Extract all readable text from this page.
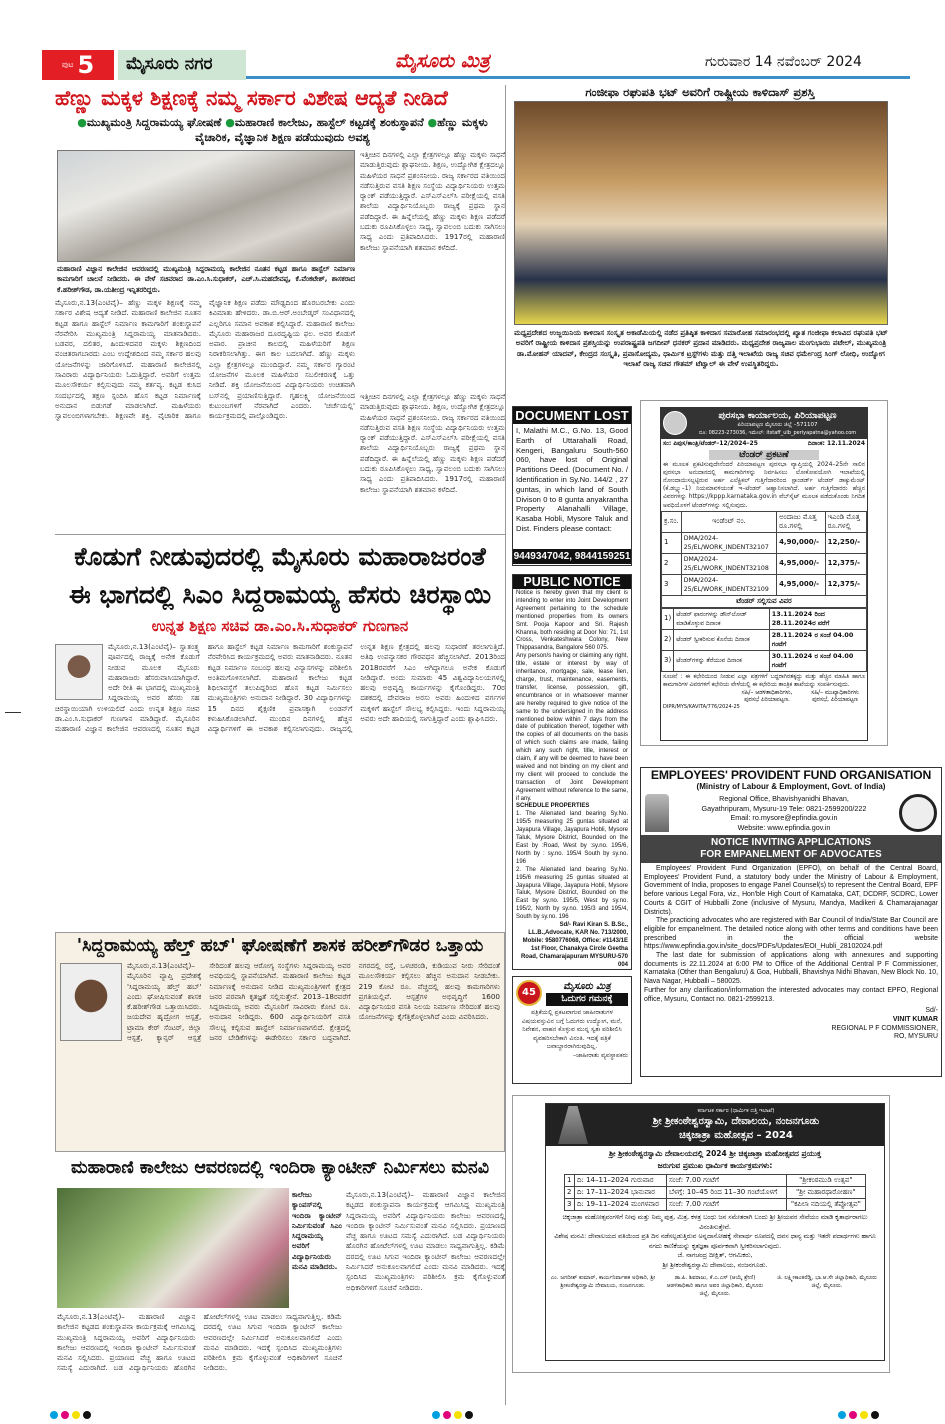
ಪುಟ 5	ಮೈಸೂರು ನಗರ	ಮೈಸೂರು ಮಿತ್ರ	ಗುರುವಾರ 14 ನವೆಂಬರ್ 2024
ಹೆಣ್ಣು ಮಕ್ಕಳ ಶಿಕ್ಷಣಕ್ಕೆ ನಮ್ಮ ಸರ್ಕಾರ ವಿಶೇಷ ಆದ್ಯತೆ ನೀಡಿದೆ
●ಮುಖ್ಯಮಂತ್ರಿ ಸಿದ್ದರಾಮಯ್ಯ ಘೋಷಣೆ ●ಮಹಾರಾಣಿ ಕಾಲೇಜು, ಹಾಸ್ಟೆಲ್ ಕಟ್ಟಡಕ್ಕೆ ಶಂಕುಸ್ಥಾಪನೆ ●ಹೆಣ್ಣು ಮಕ್ಕಳು ವೈಚಾರಿಕ, ವೈಜ್ಞಾನಿಕ ಶಿಕ್ಷಣ ಪಡೆಯುವುದು ಅವಶ್ಯ
ಇತ್ತೀಚಿನ ದಿನಗಳಲ್ಲಿ ಎಲ್ಲಾ ಕ್ಷೇತ್ರಗಳಲ್ಲೂ ಹೆಣ್ಣು ಮಕ್ಕಳು ಸಾಧನೆ ಮಾಡುತ್ತಿರುವುದು ಶ್ಲಾಘನೀಯ. ಶಿಕ್ಷಣ, ಉದ್ಯೋಗಿಕ ಕ್ಷೇತ್ರದಲ್ಲೂ ಮಹಿಳೆಯರ ಸಾಧನೆ ಪ್ರಶಂಸನೀಯ. ರಾಜ್ಯ ಸರ್ಕಾರದ ವತಿಯಿಂದ ನಡೆಸುತ್ತಿರುವ ವಸತಿ ಶಿಕ್ಷಣ ಸಂಸ್ಥೆಯ ವಿದ್ಯಾರ್ಥಿನಿಯರು ಉತ್ತಮ ರ್‍ಯಾಂಕ್ ಪಡೆಯುತ್ತಿದ್ದಾರೆ. ಎಸ್‌ಎಸ್‌ಎಲ್‌ಸಿ ಪರೀಕ್ಷೆಯಲ್ಲಿ ವಸತಿ ಶಾಲೆಯ ವಿದ್ಯಾರ್ಥಿನಿಯೊಬ್ಬರು ರಾಜ್ಯಕ್ಕೆ ಪ್ರಥಮ ಸ್ಥಾನ ಪಡೆದಿದ್ದಾರೆ. ಈ ಹಿನ್ನೆಲೆಯಲ್ಲಿ ಹೆಣ್ಣು ಮಕ್ಕಳು ಶಿಕ್ಷಣ ಪಡೆದರೆ ಬದುಕು ರೂಪಿಸಿಕೊಳ್ಳಲು ಸಾಧ್ಯ, ಸ್ವಾವಲಂಬಿ ಬದುಕು ಸಾಗಿಸಲು ಸಾಧ್ಯ ಎಂದು ಪ್ರತಿಪಾದಿಸಿದರು. 1917ರಲ್ಲಿ ಮಹಾರಾಣಿ ಕಾಲೇಜು ಸ್ಥಾಪನೆಯಾಗಿ ಶತಮಾನ ಕಳೆದಿದೆ.
ಮಹಾರಾಣಿ ವಿಜ್ಞಾನ ಕಾಲೇಜಿನ ಆವರಣದಲ್ಲಿ ಮುಖ್ಯಮಂತ್ರಿ ಸಿದ್ದರಾಮಯ್ಯ ಕಾಲೇಜಿನ ನೂತನ ಕಟ್ಟಡ ಹಾಗೂ ಹಾಸ್ಟೆಲ್ ನಿರ್ಮಾಣ ಕಾಮಗಾರಿಗೆ ಚಾಲನೆ ನೀಡಿದರು. ಈ ವೇಳೆ ಸಚಿವರಾದ ಡಾ.ಎಂ.ಸಿ.ಸುಧಾಕರ್, ಎಚ್.ಸಿ.ಮಹದೇವಪ್ಪ, ಕೆ.ವೆಂಕಟೇಶ್, ಶಾಸಕರಾದ ಕೆ.ಹರೀಶ್‌ಗೌಡ, ಡಾ.ಯತೀಂದ್ರ ಇನ್ನಿತರರಿದ್ದರು.
ಮೈಸೂರು,ನ.13(ಎಂಟಿವೈ)– ಹೆಣ್ಣು ಮಕ್ಕಳ ಶಿಕ್ಷಣಕ್ಕೆ ನಮ್ಮ ಸರ್ಕಾರ ವಿಶೇಷ ಆದ್ಯತೆ ನೀಡಿದೆ. ಮಹಾರಾಣಿ ಕಾಲೇಜಿನ ನೂತನ ಕಟ್ಟಡ ಹಾಗೂ ಹಾಸ್ಟೆಲ್ ನಿರ್ಮಾಣ ಕಾಮಗಾರಿಗೆ ಶಂಕುಸ್ಥಾಪನೆ ನೆರವೇರಿಸಿ ಮುಖ್ಯಮಂತ್ರಿ ಸಿದ್ದರಾಮಯ್ಯ ಮಾತನಾಡಿದರು. ಬಡವರ, ದಲಿತರ, ಹಿಂದುಳಿದವರ ಮಕ್ಕಳು ಶಿಕ್ಷಣದಿಂದ ವಂಚಿತರಾಗಬಾರದು ಎಂಬ ಉದ್ದೇಶದಿಂದ ನಮ್ಮ ಸರ್ಕಾರ ಹಲವು ಯೋಜನೆಗಳನ್ನು ಜಾರಿಗೊಳಿಸಿದೆ. ಮಹಾರಾಣಿ ಕಾಲೇಜಿನಲ್ಲಿ ಸಾವಿರಾರು ವಿದ್ಯಾರ್ಥಿನಿಯರು ಓದುತ್ತಿದ್ದಾರೆ. ಅವರಿಗೆ ಉತ್ತಮ ಮೂಲಸೌಕರ್ಯ ಕಲ್ಪಿಸುವುದು ನಮ್ಮ ಕರ್ತವ್ಯ. ಕಟ್ಟಡ ಕುಸಿದ ಸಂದರ್ಭದಲ್ಲಿ ತಕ್ಷಣ ಸ್ಪಂದಿಸಿ ಹೊಸ ಕಟ್ಟಡ ನಿರ್ಮಾಣಕ್ಕೆ ಅನುದಾನ ಬಿಡುಗಡೆ ಮಾಡಲಾಗಿದೆ. ಮಹಿಳೆಯರು ಸ್ವಾವಲಂಬಿಗಳಾಗಬೇಕು. ಶಿಕ್ಷಣವೇ ಶಕ್ತಿ. ವೈಚಾರಿಕ ಹಾಗೂ ವೈಜ್ಞಾನಿಕ ಶಿಕ್ಷಣ ಪಡೆದು ಮೌಢ್ಯದಿಂದ ಹೊರಬರಬೇಕು ಎಂದು ಕಿವಿಮಾತು ಹೇಳಿದರು. ಡಾ.ಬಿ.ಆರ್.ಅಂಬೇಡ್ಕರ್ ಸಂವಿಧಾನದಲ್ಲಿ ಎಲ್ಲರಿಗೂ ಸಮಾನ ಅವಕಾಶ ಕಲ್ಪಿಸಿದ್ದಾರೆ. ಮಹಾರಾಣಿ ಕಾಲೇಜು ಮೈಸೂರು ಮಹಾರಾಜರ ದೂರದೃಷ್ಟಿಯ ಫಲ. ಅವರ ಕೊಡುಗೆ ಅಪಾರ. ಪ್ರಾಚೀನ ಕಾಲದಲ್ಲಿ ಮಹಿಳೆಯರಿಗೆ ಶಿಕ್ಷಣ ನಿರಾಕರಿಸಲಾಗಿತ್ತು. ಈಗ ಕಾಲ ಬದಲಾಗಿದೆ. ಹೆಣ್ಣು ಮಕ್ಕಳು ಎಲ್ಲಾ ಕ್ಷೇತ್ರಗಳಲ್ಲೂ ಮುಂದಿದ್ದಾರೆ. ನಮ್ಮ ಸರ್ಕಾರ ಗ್ಯಾರಂಟಿ ಯೋಜನೆಗಳ ಮೂಲಕ ಮಹಿಳೆಯರ ಸಬಲೀಕರಣಕ್ಕೆ ಒತ್ತು ನೀಡಿದೆ. ಶಕ್ತಿ ಯೋಜನೆಯಿಂದ ವಿದ್ಯಾರ್ಥಿನಿಯರು ಉಚಿತವಾಗಿ ಬಸ್‌ನಲ್ಲಿ ಪ್ರಯಾಣಿಸುತ್ತಿದ್ದಾರೆ. ಗೃಹಲಕ್ಷ್ಮಿ ಯೋಜನೆಯಿಂದ ಕುಟುಂಬಗಳಿಗೆ ನೆರವಾಗಿದೆ ಎಂದರು. 'ಚರ್ಚೆಯಲ್ಲಿ' ಕಾರ್ಯಕ್ರಮದಲ್ಲಿ ಪಾಲ್ಗೊಂಡಿದ್ದರು.
ಇತ್ತೀಚಿನ ದಿನಗಳಲ್ಲಿ ಎಲ್ಲಾ ಕ್ಷೇತ್ರಗಳಲ್ಲೂ ಹೆಣ್ಣು ಮಕ್ಕಳು ಸಾಧನೆ ಮಾಡುತ್ತಿರುವುದು ಶ್ಲಾಘನೀಯ. ಶಿಕ್ಷಣ, ಉದ್ಯೋಗಿಕ ಕ್ಷೇತ್ರದಲ್ಲೂ ಮಹಿಳೆಯರ ಸಾಧನೆ ಪ್ರಶಂಸನೀಯ. ರಾಜ್ಯ ಸರ್ಕಾರದ ವತಿಯಿಂದ ನಡೆಸುತ್ತಿರುವ ವಸತಿ ಶಿಕ್ಷಣ ಸಂಸ್ಥೆಯ ವಿದ್ಯಾರ್ಥಿನಿಯರು ಉತ್ತಮ ರ್‍ಯಾಂಕ್ ಪಡೆಯುತ್ತಿದ್ದಾರೆ. ಎಸ್‌ಎಸ್‌ಎಲ್‌ಸಿ ಪರೀಕ್ಷೆಯಲ್ಲಿ ವಸತಿ ಶಾಲೆಯ ವಿದ್ಯಾರ್ಥಿನಿಯೊಬ್ಬರು ರಾಜ್ಯಕ್ಕೆ ಪ್ರಥಮ ಸ್ಥಾನ ಪಡೆದಿದ್ದಾರೆ. ಈ ಹಿನ್ನೆಲೆಯಲ್ಲಿ ಹೆಣ್ಣು ಮಕ್ಕಳು ಶಿಕ್ಷಣ ಪಡೆದರೆ ಬದುಕು ರೂಪಿಸಿಕೊಳ್ಳಲು ಸಾಧ್ಯ, ಸ್ವಾವಲಂಬಿ ಬದುಕು ಸಾಗಿಸಲು ಸಾಧ್ಯ ಎಂದು ಪ್ರತಿಪಾದಿಸಿದರು. 1917ರಲ್ಲಿ ಮಹಾರಾಣಿ ಕಾಲೇಜು ಸ್ಥಾಪನೆಯಾಗಿ ಶತಮಾನ ಕಳೆದಿದೆ.
ಕೊಡುಗೆ ನೀಡುವುದರಲ್ಲಿ ಮೈಸೂರು ಮಹಾರಾಜರಂತೆ
ಈ ಭಾಗದಲ್ಲಿ ಸಿಎಂ ಸಿದ್ದರಾಮಯ್ಯ ಹೆಸರು ಚಿರಸ್ಥಾಯಿ
ಉನ್ನತ ಶಿಕ್ಷಣ ಸಚಿವ ಡಾ.ಎಂ.ಸಿ.ಸುಧಾಕರ್ ಗುಣಗಾನ
ಮೈಸೂರು,ನ.13(ಎಂಟಿವೈ)– ಸ್ವಾತಂತ್ರ್ಯ ಪೂರ್ವದಲ್ಲಿ ರಾಜ್ಯಕ್ಕೆ ಅನೇಕ ಕೊಡುಗೆ ನೀಡುವ ಮೂಲಕ ಮೈಸೂರು ಮಹಾರಾಜರು ಹೆಸರುವಾಸಿಯಾಗಿದ್ದಾರೆ. ಅದೇ ರೀತಿ ಈ ಭಾಗದಲ್ಲಿ ಮುಖ್ಯಮಂತ್ರಿ ಸಿದ್ದರಾಮಯ್ಯ ಅವರ ಹೆಸರು ಸಹ ಚಿರಸ್ಥಾಯಿಯಾಗಿ ಉಳಿಯಲಿದೆ ಎಂದು ಉನ್ನತ ಶಿಕ್ಷಣ ಸಚಿವ ಡಾ.ಎಂ.ಸಿ.ಸುಧಾಕರ್ ಗುಣಗಾನ ಮಾಡಿದ್ದಾರೆ. ಮೈಸೂರಿನ ಮಹಾರಾಣಿ ವಿಜ್ಞಾನ ಕಾಲೇಜಿನ ಆವರಣದಲ್ಲಿ ನೂತನ ಕಟ್ಟಡ ಹಾಗೂ ಹಾಸ್ಟೆಲ್ ಕಟ್ಟಡ ನಿರ್ಮಾಣ ಕಾಮಗಾರಿಗೆ ಶಂಕುಸ್ಥಾಪನೆ ನೆರವೇರಿಸಿದ ಕಾರ್ಯಕ್ರಮದಲ್ಲಿ ಅವರು ಮಾತನಾಡಿದರು. ನೂತನ ಕಟ್ಟಡ ನಿರ್ಮಾಣ ಸಂಬಂಧ ಹಲವು ವಿನ್ಯಾಸಗಳನ್ನು ಪರಿಶೀಲಿಸಿ ಅಂತಿಮಗೊಳಿಸಲಾಗಿದೆ. ಮಹಾರಾಣಿ ಕಾಲೇಜು ಕಟ್ಟಡ ಶಿಥಿಲಾವಸ್ಥೆಗೆ ತಲುಪಿದ್ದರಿಂದ ಹೊಸ ಕಟ್ಟಡ ನಿರ್ಮಿಸಲು ಮುಖ್ಯಮಂತ್ರಿಗಳು ಅನುದಾನ ನೀಡಿದ್ದಾರೆ. 30 ವಿದ್ಯಾರ್ಥಿಗಳನ್ನು 15 ದಿನದ ಶೈಕ್ಷಣಿಕ ಪ್ರವಾಸಕ್ಕಾಗಿ ಲಂಡನ್‌ಗೆ ಕಳುಹಿಸಿಕೊಡಲಾಗಿದೆ. ಮುಂದಿನ ದಿನಗಳಲ್ಲಿ ಹೆಚ್ಚಿನ ವಿದ್ಯಾರ್ಥಿಗಳಿಗೆ ಈ ಅವಕಾಶ ಕಲ್ಪಿಸಲಾಗುವುದು. ರಾಜ್ಯದಲ್ಲಿ ಉನ್ನತ ಶಿಕ್ಷಣ ಕ್ಷೇತ್ರದಲ್ಲಿ ಹಲವು ಸುಧಾರಣೆ ತರಲಾಗುತ್ತಿದೆ. ಅತಿಥಿ ಉಪನ್ಯಾಸಕರ ಗೌರವಧನ ಹೆಚ್ಚಿಸಲಾಗಿದೆ. 2013ರಿಂದ 2018ರವರೆಗೆ ಸಿಎಂ ಆಗಿದ್ದಾಗಲೂ ಅನೇಕ ಕೊಡುಗೆ ನೀಡಿದ್ದಾರೆ. ಅಂದು ಸುಮಾರು 45 ವಿಶ್ವವಿದ್ಯಾನಿಲಯಗಳಲ್ಲಿ ಹಲವು ಅಭಿವೃದ್ಧಿ ಕಾರ್ಯಗಳನ್ನು ಕೈಗೊಂಡಿದ್ದರು. 70ರ ದಶಕದಲ್ಲಿ ದೇವರಾಜ ಅರಸು ಅವರು ಹಿಂದುಳಿದ ವರ್ಗಗಳ ಮಕ್ಕಳಿಗೆ ಹಾಸ್ಟೆಲ್ ಸೌಲಭ್ಯ ಕಲ್ಪಿಸಿದ್ದರು. ಇಂದು ಸಿದ್ದರಾಮಯ್ಯ ಅವರು ಅದೇ ಹಾದಿಯಲ್ಲಿ ಸಾಗುತ್ತಿದ್ದಾರೆ ಎಂದು ಶ್ಲಾಘಿಸಿದರು.
'ಸಿದ್ದರಾಮಯ್ಯ ಹೆಲ್ತ್ ಹಬ್' ಘೋಷಣೆಗೆ ಶಾಸಕ ಹರೀಶ್‌ಗೌಡರ ಒತ್ತಾಯ
ಮೈಸೂರು,ನ.13(ಎಂಟಿವೈ)– ಮೈಸೂರಿನ ವ್ಯಾಪ್ತಿ ಪ್ರದೇಶಕ್ಕೆ 'ಸಿದ್ದರಾಮಯ್ಯ ಹೆಲ್ತ್ ಹಬ್' ಎಂದು ಘೋಷಿಸುವಂತೆ ಶಾಸಕ ಕೆ.ಹರೀಶ್‌ಗೌಡ ಒತ್ತಾಯಿಸಿದರು. ಜಯದೇವ ಹೃದ್ರೋಗ ಆಸ್ಪತ್ರೆ, ಟ್ರಾಮಾ ಕೇರ್ ಸೆಂಟರ್, ಜಿಲ್ಲಾ ಆಸ್ಪತ್ರೆ, ಕ್ಯಾನ್ಸರ್ ಆಸ್ಪತ್ರೆ ಸೇರಿದಂತೆ ಹಲವು ಆರೋಗ್ಯ ಸಂಸ್ಥೆಗಳು ಸಿದ್ದರಾಮಯ್ಯ ಅವರ ಅವಧಿಯಲ್ಲಿ ಸ್ಥಾಪನೆಯಾಗಿವೆ. ಮಹಾರಾಣಿ ಕಾಲೇಜು ಕಟ್ಟಡ ನಿರ್ಮಾಣಕ್ಕೆ ಅನುದಾನ ನೀಡಿದ ಮುಖ್ಯಮಂತ್ರಿಗಳಿಗೆ ಕ್ಷೇತ್ರದ ಜನರ ಪರವಾಗಿ ಕೃತಜ್ಞತೆ ಸಲ್ಲಿಸುತ್ತೇನೆ. 2013–18ರವರೆಗೆ ಸಿದ್ದರಾಮಯ್ಯ ಅವರು ಮೈಸೂರಿಗೆ ಸಾವಿರಾರು ಕೋಟಿ ರೂ. ಅನುದಾನ ನೀಡಿದ್ದರು. 600 ವಿದ್ಯಾರ್ಥಿನಿಯರಿಗೆ ವಸತಿ ಸೌಲಭ್ಯ ಕಲ್ಪಿಸುವ ಹಾಸ್ಟೆಲ್ ನಿರ್ಮಾಣವಾಗಲಿದೆ. ಕ್ಷೇತ್ರದಲ್ಲಿ ಜನರ ಬೇಡಿಕೆಗಳನ್ನು ಈಡೇರಿಸಲು ಸರ್ಕಾರ ಬದ್ಧವಾಗಿದೆ. ನಗರದಲ್ಲಿ ರಸ್ತೆ, ಒಳಚರಂಡಿ, ಕುಡಿಯುವ ನೀರು ಸೇರಿದಂತೆ ಮೂಲಸೌಕರ್ಯ ಕಲ್ಪಿಸಲು ಹೆಚ್ಚಿನ ಅನುದಾನ ನೀಡಬೇಕು. 219 ಕೋಟಿ ರೂ. ವೆಚ್ಚದಲ್ಲಿ ಹಲವು ಕಾಮಗಾರಿಗಳು ಪ್ರಗತಿಯಲ್ಲಿವೆ. ಆಸ್ಪತ್ರೆಗಳ ಅಭಿವೃದ್ಧಿಗೆ 1600 ವಿದ್ಯಾರ್ಥಿನಿಯರ ವಸತಿ ನಿಲಯ ನಿರ್ಮಾಣ ಸೇರಿದಂತೆ ಹಲವು ಯೋಜನೆಗಳನ್ನು ಕೈಗೆತ್ತಿಕೊಳ್ಳಲಾಗಿದೆ ಎಂದು ವಿವರಿಸಿದರು.
ಮಹಾರಾಣಿ ಕಾಲೇಜು ಆವರಣದಲ್ಲಿ ಇಂದಿರಾ ಕ್ಯಾಂಟೀನ್ ನಿರ್ಮಿಸಲು ಮನವಿ
ಕಾಲೇಜು ಕ್ಯಾಂಪಸ್‌ನಲ್ಲಿ ಇಂದಿರಾ ಕ್ಯಾಂಟೀನ್ ನಿರ್ಮಿಸುವಂತೆ ಸಿಎಂ ಸಿದ್ದರಾಮಯ್ಯ ಅವರಿಗೆ ವಿದ್ಯಾರ್ಥಿನಿಯರು ಮನವಿ ಮಾಡಿದರು.
ಮೈಸೂರು,ನ.13(ಎಂಟಿವೈ)– ಮಹಾರಾಣಿ ವಿಜ್ಞಾನ ಕಾಲೇಜಿನ ಕಟ್ಟಡದ ಶಂಕುಸ್ಥಾಪನಾ ಕಾರ್ಯಕ್ರಮಕ್ಕೆ ಆಗಮಿಸಿದ್ದ ಮುಖ್ಯಮಂತ್ರಿ ಸಿದ್ದರಾಮಯ್ಯ ಅವರಿಗೆ ವಿದ್ಯಾರ್ಥಿನಿಯರು ಕಾಲೇಜು ಆವರಣದಲ್ಲಿ ಇಂದಿರಾ ಕ್ಯಾಂಟೀನ್ ನಿರ್ಮಿಸುವಂತೆ ಮನವಿ ಸಲ್ಲಿಸಿದರು. ಪ್ರಯಾಣದ ವೆಚ್ಚ ಹಾಗೂ ಊಟದ ಸಮಸ್ಯೆ ಎದುರಾಗಿದೆ. ಬಡ ವಿದ್ಯಾರ್ಥಿನಿಯರು ಹೊರಗಿನ ಹೋಟೆಲ್‌ಗಳಲ್ಲಿ ಊಟ ಮಾಡಲು ಸಾಧ್ಯವಾಗುತ್ತಿಲ್ಲ. ಕಡಿಮೆ ದರದಲ್ಲಿ ಊಟ ಸಿಗುವ ಇಂದಿರಾ ಕ್ಯಾಂಟೀನ್ ಕಾಲೇಜು ಆವರಣದಲ್ಲೇ ನಿರ್ಮಿಸಿದರೆ ಅನುಕೂಲವಾಗಲಿದೆ ಎಂದು ಮನವಿ ಮಾಡಿದರು. ಇದಕ್ಕೆ ಸ್ಪಂದಿಸಿದ ಮುಖ್ಯಮಂತ್ರಿಗಳು ಪರಿಶೀಲಿಸಿ ಕ್ರಮ ಕೈಗೊಳ್ಳುವಂತೆ ಅಧಿಕಾರಿಗಳಿಗೆ ಸೂಚನೆ ನೀಡಿದರು.
ಮೈಸೂರು,ನ.13(ಎಂಟಿವೈ)– ಮಹಾರಾಣಿ ವಿಜ್ಞಾನ ಕಾಲೇಜಿನ ಕಟ್ಟಡದ ಶಂಕುಸ್ಥಾಪನಾ ಕಾರ್ಯಕ್ರಮಕ್ಕೆ ಆಗಮಿಸಿದ್ದ ಮುಖ್ಯಮಂತ್ರಿ ಸಿದ್ದರಾಮಯ್ಯ ಅವರಿಗೆ ವಿದ್ಯಾರ್ಥಿನಿಯರು ಕಾಲೇಜು ಆವರಣದಲ್ಲಿ ಇಂದಿರಾ ಕ್ಯಾಂಟೀನ್ ನಿರ್ಮಿಸುವಂತೆ ಮನವಿ ಸಲ್ಲಿಸಿದರು. ಪ್ರಯಾಣದ ವೆಚ್ಚ ಹಾಗೂ ಊಟದ ಸಮಸ್ಯೆ ಎದುರಾಗಿದೆ. ಬಡ ವಿದ್ಯಾರ್ಥಿನಿಯರು ಹೊರಗಿನ ಹೋಟೆಲ್‌ಗಳಲ್ಲಿ ಊಟ ಮಾಡಲು ಸಾಧ್ಯವಾಗುತ್ತಿಲ್ಲ. ಕಡಿಮೆ ದರದಲ್ಲಿ ಊಟ ಸಿಗುವ ಇಂದಿರಾ ಕ್ಯಾಂಟೀನ್ ಕಾಲೇಜು ಆವರಣದಲ್ಲೇ ನಿರ್ಮಿಸಿದರೆ ಅನುಕೂಲವಾಗಲಿದೆ ಎಂದು ಮನವಿ ಮಾಡಿದರು. ಇದಕ್ಕೆ ಸ್ಪಂದಿಸಿದ ಮುಖ್ಯಮಂತ್ರಿಗಳು ಪರಿಶೀಲಿಸಿ ಕ್ರಮ ಕೈಗೊಳ್ಳುವಂತೆ ಅಧಿಕಾರಿಗಳಿಗೆ ಸೂಚನೆ ನೀಡಿದರು.
ಗಂಜೀಫಾ ರಘುಪತಿ ಭಟ್ ಅವರಿಗೆ ರಾಷ್ಟ್ರೀಯ ಕಾಳಿದಾಸ್ ಪ್ರಶಸ್ತಿ
ಮಧ್ಯಪ್ರದೇಶದ ಉಜ್ಜಯಿನಿಯ ಕಾಳಿದಾಸ ಸಂಸ್ಕೃತ ಅಕಾಡೆಮಿಯಲ್ಲಿ ನಡೆದ ಪ್ರತಿಷ್ಠಿತ ಕಾಳಿದಾಸ ಸಮಾರೋಹ ಸಮಾರಂಭದಲ್ಲಿ ಖ್ಯಾತ ಗಂಜೀಫಾ ಕಲಾವಿದ ರಘುಪತಿ ಭಟ್ ಅವರಿಗೆ ರಾಷ್ಟ್ರೀಯ ಕಾಳಿದಾಸ ಪ್ರಶಸ್ತಿಯನ್ನು ಉಪರಾಷ್ಟ್ರಪತಿ ಜಗದೀಪ್ ಧನಕರ್ ಪ್ರದಾನ ಮಾಡಿದರು. ಮಧ್ಯಪ್ರದೇಶ ರಾಜ್ಯಪಾಲ ಮಂಗುಭಾಯಿ ಪಟೇಲ್, ಮುಖ್ಯಮಂತ್ರಿ ಡಾ.ಮೋಹನ್ ಯಾದವ್, ಕೇಂದ್ರದ ಸಂಸ್ಕೃತಿ, ಪ್ರವಾಸೋದ್ಯಮ, ಧಾರ್ಮಿಕ ಟ್ರಸ್ಟ್‌ಗಳು ಮತ್ತು ದತ್ತಿ ಇಲಾಖೆಯ ರಾಜ್ಯ ಸಚಿವ ಧರ್ಮೇಂದ್ರ ಸಿಂಗ್ ಲೋಧಿ, ಉದ್ಯೋಗ ಇಲಾಖೆ ರಾಜ್ಯ ಸಚಿವ ಗೌತಮ್ ಟೆಟ್ವಾಲ್ ಈ ವೇಳೆ ಉಪಸ್ಥಿತರಿದ್ದರು.
DOCUMENT LOST
I, Malathi M.C., G.No. 13, Good Earth of Uttarahalli Road, Kengeri, Bangaluru South-560 060, have lost of Original Partitions Deed. (Document No. / Identification in Sy.No. 144/2 , 27 guntas, in which land of South Divison 0 to 8 gunta anyakrantha Property Alanahalli Village, Kasaba Hobli, Mysore Taluk and Dist. Finders please contact:
9449347042, 9844159251
PUBLIC NOTICE
Notice is hereby given that my client is intending to enter into Joint Development Agreement pertaining to the schedule mentioned properties from its owners Smt. Pooja Kapoor and Sri. Rajesh Khanna, both residing at Door No: 71, 1st Cross, Venkateshwara Colony, New Thippasandra, Bangalore 560 075.
Any person/s having or claiming any right, title, estate or interest by way of inheritance, mortgage, sale, lease lien, charge, trust, maintenance, easements, transfer, license, possession, gift, encumbrance or in whatsoever manner are hereby required to give notice of the same to the undersigned in the address mentioned below within 7 days from the date of publication thereof, together with the copies of all documents on the basis of which such claims are made, failing which any such right, title, interest or claim, if any will be deemed to have been waived and not binding on my client and my client will proceed to conclude the transaction of Joint Development Agreement without reference to the same, if any.
SCHEDULE PROPERTIES
1. The Alienated land bearing Sy.No. 195/5 measuring 25 guntas situated at Jayapura Village, Jayapura Hobli, Mysore Taluk, Mysore District, Bounded on the East by :Road, West by :sy.no. 195/6, North by : sy.no. 195/4 South by sy.no. 196
2. The Alienated land bearing Sy.No. 195/6 measuring 25 guntas situated at Jayapura Village, Jayapura Hobli, Mysore Taluk, Mysore District, Bounded on the East by sy.no. 195/5, West by sy.no. 195/2, North by sy.no. 195/3 and 195/4, South by sy.no. 196
Sd/- Ravi Kiran S. B.Sc., LL.B.,Advocate, KAR No. 713/2000, Mobile: 9580776068, Office: #1143/1E 1st Floor, Chanakya Circle Geetha Road, Chamarajapuram MYSURU-570 004
45
ಮೈಸೂರು ಮಿತ್ರ
ಓದುಗರ ಗಮನಕ್ಕೆ
ಪತ್ರಿಕೆಯಲ್ಲಿ ಪ್ರಕಟವಾಗುವ ಜಾಹೀರಾತುಗಳ ವಿಷಯವಸ್ತುವಿನ ಬಗ್ಗೆ ಓದುಗರು ಉದ್ಯೋಗ, ಮನೆ, ನಿವೇಶನ, ವಾಹನ ಕೊಳ್ಳುವ ಮುನ್ನ ಸ್ವತಃ ಪರಿಶೀಲಿಸಿ ವ್ಯವಹರಿಸಬೇಕಾಗಿ ವಿನಂತಿ. ಇದಕ್ಕೆ ಪತ್ರಿಕೆ ಜವಾಬ್ದಾರರಾಗಿರುವುದಿಲ್ಲ.
–ಜಾಹೀರಾತು ವ್ಯವಸ್ಥಾಪಕರು
ಪುರಸಭಾ ಕಾರ್ಯಾಲಯ, ಪಿರಿಯಾಪಟ್ಟಣ
ಪಿರಿಯಾಪಟ್ಟಣ ಮೈಸೂರು ಜಿಲ್ಲೆ –571107
ದೂ: 08223-273036, ಇಮೇಲ್: itstaff_ulb_periyapatna@yahoo.com
ಸಂ: ಪಿಪುಸ/ಕಾಂತ್ರಿ/ಟೆಂಡರ್–12/2024–25	ದಿನಾಂಕ: 12.11.2024
ಟೆಂಡರ್ ಪ್ರಕಟಣೆ
ಈ ಮೂಲಕ ಪ್ರಕಟಿಸುವುದೇನೆಂದರೆ ಪಿರಿಯಾಪಟ್ಟಣ ಪುರಸಭಾ ವ್ಯಾಪ್ತಿಯಲ್ಲಿ 2024–25ನೇ ಸಾಲಿನ ಪುರಸಭಾ ಅನುದಾನದಲ್ಲಿ ಕಾಮಗಾರಿಗಳನ್ನು ನಿರ್ವಹಿಸಲು ಲೋಕೋಪಯೋಗಿ ಇಲಾಖೆಯಲ್ಲಿ ನೋಂದಾಯಿಸಲ್ಪಟ್ಟಿರುವ ಅರ್ಹ ಎಲೆಕ್ಟ್ರಿಕಲ್ ಗುತ್ತಿಗೆದಾರರಿಂದ ಸ್ಟಾಂಡರ್ಡ್ ಟೆಂಡರ್ ಡಾಕ್ಯುಮೆಂಟ್ (ಕೆ.ಡಬ್ಲ್ಯು–1) ನಿಯಮಾವಳಿಯಂತೆ ಇ–ಟೆಂಡರ್ ಆಹ್ವಾನಿಸಲಾಗಿದೆ. ಅರ್ಹ ಗುತ್ತಿಗೆದಾರರು ಹೆಚ್ಚಿನ ವಿವರಗಳನ್ನು https://kppp.karnataka.gov.in ವೆಬ್‌ಸೈಟ್ ಮೂಲಕ ಪಡೆದುಕೊಂಡು ನಿಗದಿತ ಅವಧಿಯೊಳಗೆ ಟೆಂಡರ್‌ಗಳನ್ನು ಸಲ್ಲಿಸುವುದು.
ಕ್ರ.ಸಂ.	ಇಂಡೆಂಟ್ ನಂ.	ಅಂದಾಜು ಮೊತ್ತ ರೂ.ಗಳಲ್ಲಿ	ಇಎಂಡಿ ಮೊತ್ತ ರೂ.ಗಳಲ್ಲಿ
1	DMA/2024-25/EL/WORK_INDENT32107	4,90,000/-	12,250/-
2	DMA/2024-25/EL/WORK_INDENT32108	4,95,000/-	12,375/-
3	DMA/2024-25/EL/WORK_INDENT32109	4,95,000/-	12,375/-
ಟೆಂಡರ್ ಸಲ್ಲಿಸುವ ವಿವರ			
1)	ಟೆಂಡರ್ ಫಾರಂಗಳನ್ನು ಡೌನ್‌ಲೋಡ್ ಮಾಡಿಕೊಳ್ಳುವ ದಿನಾಂಕ	13.11.2024 ರಿಂದ 28.11.2024ರ ವರೆಗೆ
2)	ಟೆಂಡರ್ ಸ್ವೀಕರಿಸುವ ಕೊನೆಯ ದಿನಾಂಕ	28.11.2024 ರ ಸಂಜೆ 04.00 ಗಂಟೆಗೆ
3)	ಟೆಂಡರ್‌ಗಳನ್ನು ತೆರೆಯುವ ದಿನಾಂಕ	30.11.2024 ರ ಸಂಜೆ 04.00 ಗಂಟೆಗೆ
ಸೂಚನೆ : ಈ ಕಛೇರಿಯಿಂದ ನೀಡುವ ಎಲ್ಲಾ ಪತ್ರಗಳಿಗೆ ಬದ್ಧರಾಗಿರತಕ್ಕದ್ದು ಮತ್ತು ಹೆಚ್ಚಿನ ಮಾಹಿತಿ ಹಾಗೂ ಕಾಮಗಾರಿಗಳ ವಿವರಗಳಿಗೆ ಕಛೇರಿಯ ವೇಳೆಯಲ್ಲಿ ಈ ಕಛೇರಿಯ ತಾಂತ್ರಿಕ ಶಾಖೆಯನ್ನು ಸಂಪರ್ಕಿಸುವುದು.
ಸಹಿ/– ಆಡಳಿತಾಧಿಕಾರಿಗಳು, ಪುರಸಭೆ ಪಿರಿಯಾಪಟ್ಟಣ.
ಸಹಿ/– ಮುಖ್ಯಾಧಿಕಾರಿಗಳು ಪುರಸಭೆ, ಪಿರಿಯಾಪಟ್ಟಣ
DIPR/MYS/KAVITA/776/2024-25
EMPLOYEES' PROVIDENT FUND ORGANISATION
(Ministry of Labour & Employment, Govt. of India)
Regional Office, Bhavishyanidhi Bhavan,
Gayathripuram, Mysuru-19 Tele: 0821-2599200/222
Email: ro.mysore@epfindia.gov.in
Website: www.epfindia.gov.in
NOTICE INVITING APPLICATIONS
FOR EMPANELMENT OF ADVOCATES
Employees' Provident Fund Organization (EPFO), on behalf of the Central Board, Employees' Provident Fund, a statutory body under the Ministry of Labour & Employment, Government of India, proposes to engage Panel Counsel(s) to represent the Central Board, EPF before various Legal Fora, viz., Hon'ble High Court of Karnataka, CAT, DCDRF, SCDRC, Lower Courts & CGIT of Hubballi Zone (inclusive of Mysuru, Mandya, Madikeri & Chamarajanagar Districts).
The practicing advocates who are registered with Bar Council of India/State Bar Council are eligible for empanelment. The detailed notice along with other terms and conditions have been prescribed in the official website https://www.epfindia.gov.in/site_docs/PDFs/Updates/EOI_Hubli_28102024.pdf
The last date for submission of applications along with annexures and supporting documents is 22.11.2024 at 6:00 PM to Office of the Additional Central P F Commissioner, Karnataka (Other than Bengaluru) & Goa, Hubballi, Bhavishya Nidhi Bhavan, New Block No. 10, Nava Nagar, Hubballi – 580025.
Further for any clarification/information the interested advocates may contact EPFO, Regional office, Mysuru, Contact no. 0821-2599213.
Sd/-
VINIT KUMAR
REGIONAL P F COMMISSIONER,
RO, MYSURU
ಕರ್ನಾಟಕ ಸರ್ಕಾರ (ಧಾರ್ಮಿಕ ದತ್ತಿ ಇಲಾಖೆ)
ಶ್ರೀ ಶ್ರೀಕಂಠೇಶ್ವರಸ್ವಾಮಿ, ದೇವಾಲಯ, ನಂಜನಗೂಡು
ಚಿಕ್ಕಜಾತ್ರಾ ಮಹೋತ್ಸವ – 2024
ಶ್ರೀ ಶ್ರೀಕಂಠೇಶ್ವರಸ್ವಾಮಿ ದೇವಾಲಯದಲ್ಲಿ 2024 ಶ್ರೀ ಚಿಕ್ಕಜಾತ್ರಾ ಮಹೋತ್ಸವದ ಪ್ರಯುಕ್ತ
ಜರುಗುವ ಪ್ರಮುಖ ಧಾರ್ಮಿಕ ಕಾರ್ಯಕ್ರಮಗಳು:
1	ದಿ: 14–11–2024 ಗುರುವಾರ	ಸಂಜೆ: 7.00 ಗಂಟೆಗೆ	"ಶ್ರೀಕಂಠಮುಡಿ ಉತ್ಸವ"
2	ದಿ: 17–11–2024 ಭಾನುವಾರ	ಬೆಳಗ್ಗೆ: 10–45 ರಿಂದ 11–30 ಗಂಟೆಯೊಳಗೆ	"ಶ್ರೀ ಮಹಾರಥಾರೋಹಣ"
3	ದಿ: 19–11–2024 ಮಂಗಳವಾರ	ಸಂಜೆ: 7.00 ಗಂಟೆಗೆ	"ಕಪಿಲಾ ನದಿಯಲ್ಲಿ ತೆಪ್ಪೋತ್ಸವ"
ಚಿಕ್ಕಜಾತ್ರಾ ಮಹೋತ್ಸವಂಗಳಿಗೆ ನೀವು ಮತ್ತು ನಿಮ್ಮ ಪುತ್ರ, ಮಿತ್ರ, ಕಳತ್ರ ಬಂಧು ಜನ ಸಮೇತರಾಗಿ ಬಂದು ಶ್ರೀ ಶ್ರೀಯವರ ಸೇವೆಯಂ ಮಾಡಿ ಕೃತಾರ್ಥರಾಗಲು ವಿನಂತಿಸುತ್ತೇವೆ.
ವಿಶೇಷ ಮನವಿ: ದೇವಾಲಯದ ವತಿಯಿಂದ ಪ್ರತಿ ದಿನ ನಡೆಸಲ್ಪಡುತ್ತಿರುವ ಅನ್ನದಾಸೋಹಕ್ಕೆ ಸೇವಾರ್ಥ ರೂಪದಲ್ಲಿ ದವಸ ಧಾನ್ಯ ಮತ್ತು ಇತರೇ ಪದಾರ್ಥಗಳು ಹಾಗೂ ನಗದು ಕಾಣಿಕೆಯನ್ನು ಕೃತಜ್ಞತಾ ಪೂರ್ವಕವಾಗಿ ಸ್ವೀಕರಿಸಲಾಗುವುದು.
ಜೆ. ನಾಗಚಂದ್ರ ದೀಕ್ಷಿತ್, ಆಗಮಿಕರು,
ಶ್ರೀ ಶ್ರೀಕಂಠೇಶ್ವರಸ್ವಾಮಿ ದೇವಾಲಯ, ನಂಜನಗೂಡು.
ಎಂ. ಜಗದೀಶ್ ಕುಮಾರ್, ಕಾರ್ಯನಿರ್ವಾಹಕ ಅಧಿಕಾರಿ, ಶ್ರೀ ಶ್ರೀಕಂಠೇಶ್ವರಸ್ವಾಮಿ ದೇವಾಲಯ, ನಂಜನಗೂಡು.
ಡಾ.ಪಿ. ಶಿವರಾಜು, ಕೆ.ಎ.ಎಸ್ (ಆಯ್ಕೆ ಶ್ರೇಣಿ) ಆಡಳಿತಾಧಿಕಾರಿ ಹಾಗೂ ಅಪರ ಜಿಲ್ಲಾಧಿಕಾರಿ, ಮೈಸೂರು ಜಿಲ್ಲೆ, ಮೈಸೂರು.
ಜಿ. ಲಕ್ಷ್ಮೀಕಾಂತರೆಡ್ಡಿ, ಭಾ.ಆ.ಸೇ ಜಿಲ್ಲಾಧಿಕಾರಿ, ಮೈಸೂರು ಜಿಲ್ಲೆ, ಮೈಸೂರು.
